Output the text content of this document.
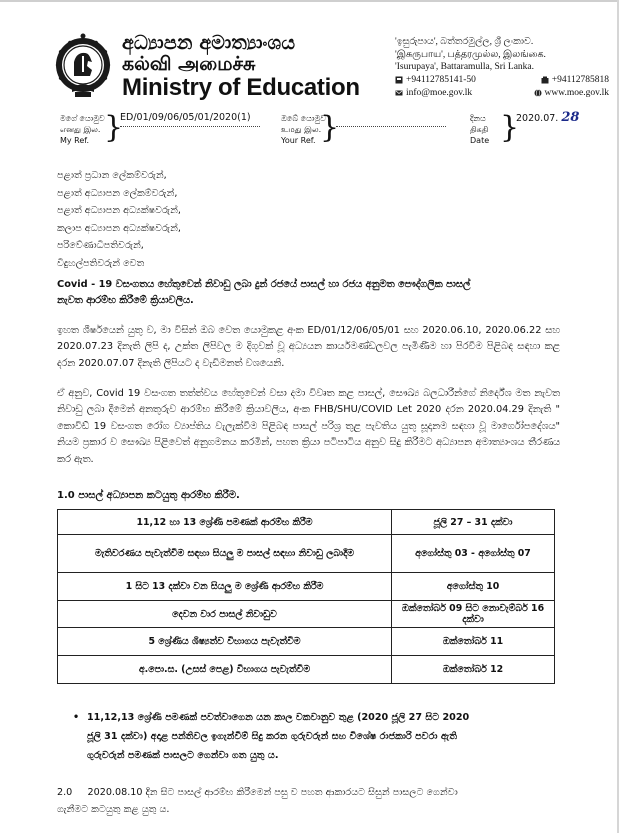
අධ්‍යාපන අමාත්‍යාංශය
கல்வி அமைச்சு
Ministry of Education
'ඉසුරුපාය', බත්තරමුල්ල, ශ්‍රී ලංකාව.
'இசுருபாய', பத்தரமுல்ல, இலங்கை.
'Isurupaya', Battaramulla, Sri Lanka.
+94112785141-50	+94112785818
info@moe.gov.lk	www.moe.gov.lk
මගේ යොමුව
எனது இல.
My Ref. }
ED/01/09/06/05/01/2020(1)	ඔබේ යොමුව
உமது இல.
Your Ref. }	දිනය
திகதி
Date }
2020.07. 28
පළාත් ප්‍රධාන ලේකම්වරුන්,
පළාත් අධ්‍යාපන ලේකම්වරුන්,
පළාත් අධ්‍යාපන අධ්‍යක්ෂවරුන්,
කලාප අධ්‍යාපන අධ්‍යක්ෂවරුන්,
පරිවේණාධිපතිවරුන්,
විදුහල්පතිවරුන් වෙත
Covid - 19 වසංගතය හේතුවෙන් නිවාඩු ලබා දුන් රජයේ පාසල් හා රජය අනුමත පෞද්ගලික පාසල්
නැවත ආරම්භ කිරීමේ ක්‍රියාවලිය.
ඉහත ශීර්ෂයෙන් යුතු ව, මා විසින් ඔබ වෙත යොමුකළ අංක ED/01/12/06/05/01 සහ 2020.06.10, 2020.06.22 සහ 2020.07.23 දිනැති ලිපි ද, උක්ත ලිපිවල ම දිගුවක් වූ අධ්‍යයන කාර්යමණ්ඩලවල පැමිණීම හා පිරවීම පිළිබඳ සඳහා කළ දරන 2020.07.07 දිනැති ලිපියට ද වැඩිමනත් වශයෙනි.
ඒ අනුව, Covid 19 වසංගත තත්ත්වය හේතුවෙන් වසා දමා විවෘත කළ පාසල්, සෞඛ්‍ය බලධාරීන්ගේ නිර්දේශ මත නැවත නිවාඩු ලබා දීමෙන් අනතුරුව ආරම්භ කිරීමේ ක්‍රියාවලිය, අංක FHB/SHU/COVID Let 2020 දරන 2020.04.29 දිනැති " කොවිඩ් 19 වසංගත රෝග ව්‍යාප්තිය වැලැක්වීම පිළිබඳ පාසල් පරිශ්‍ර තුළ පැවතිය යුතු සූදානම සඳහා වූ මාර්ගෝපදේශය" නියම ප්‍රකාර ව සෞඛ්‍ය පිළිවෙත් අනුගමනය කරමින්, පහත ක්‍රියා පටිපාටිය අනුව සිදු කිරීමට අධ්‍යාපන අමාත්‍යාංශය තීරණය කර ඇත.
1.0 පාසල් අධ්‍යාපන කටයුතු ආරම්භ කිරීම.
11,12 හා 13 ශ්‍රේණි පමණක් ආරම්භ කිරීම	ජූලි 27 – 31 දක්වා
මැතිවරණය පැවැත්වීම සඳහා සියලු ම පාසල් සඳහා නිවාඩු ලබාදීම	අගෝස්තු 03 - අගෝස්තු 07
1 සිට 13 දක්වා වන සියලු ම ශ්‍රේණි ආරම්භ කිරීම	අගෝස්තු 10
දෙවන වාර පාසල් නිවාඩුව	ඔක්තෝබර් 09 සිට නොවැම්බර් 16 දක්වා
5 ශ්‍රේණිය ශිෂ්‍යත්ව විභාගය පැවැත්වීම	ඔක්තෝබර් 11
අ.පො.ස. (උසස් පෙළ) විභාගය පැවැත්වීම	ඔක්තෝබර් 12
• 11,12,13 ශ්‍රේණි පමණක් පවත්වාගෙන යන කාල වකවානුව තුළ (2020 ජූලි 27 සිට 2020
ජූලි 31 දක්වා) අදාළ පන්තිවල ඉගැන්වීම් සිදු කරන ගුරුවරුන් සහ විශේෂ රාජකාරි පවරා ඇති
ගුරුවරුන් පමණක් පාසලට ගෙන්වා ගත යුතු ය.
2.0 2020.08.10 දින සිට පාසල් ආරම්භ කිරීමෙන් පසු ව පහත ආකාරයට සිසුන් පාසලට ගෙන්වා
ගැනීමට කටයුතු කළ යුතු ය.
